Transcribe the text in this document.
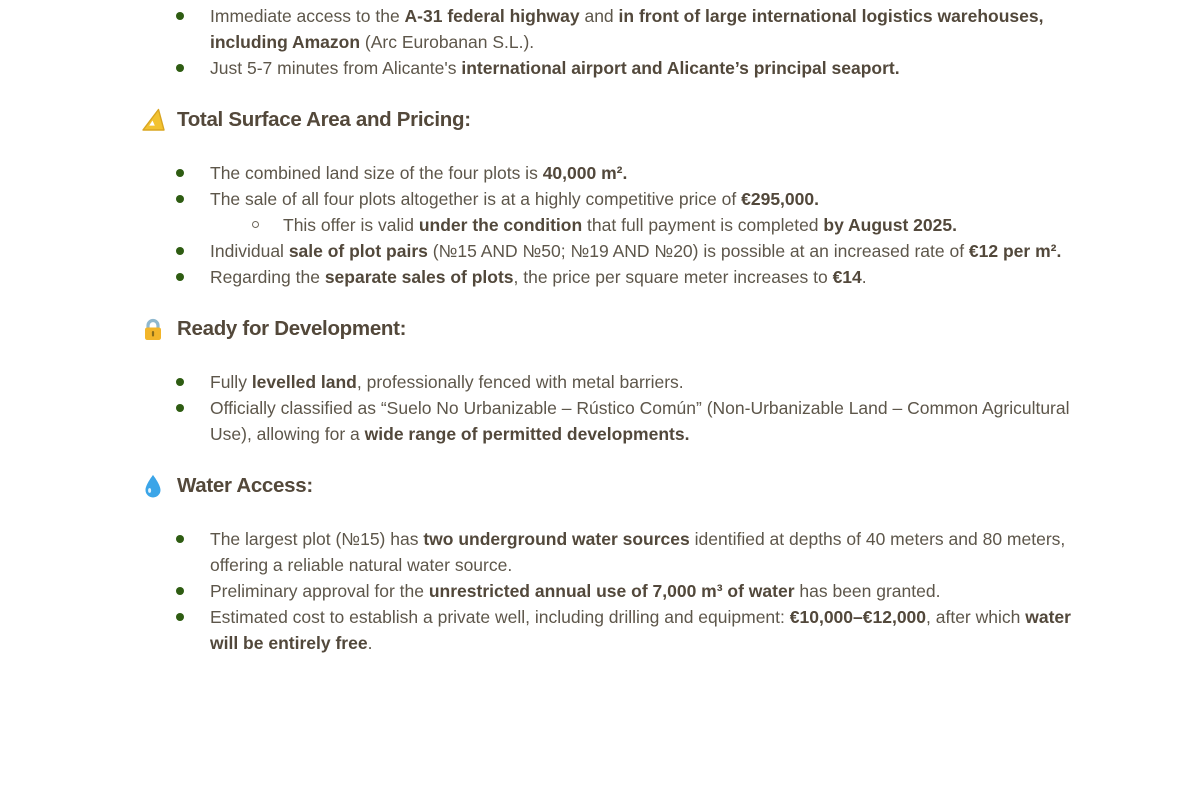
Immediate access to the A-31 federal highway and in front of large international logistics warehouses, including Amazon (Arc Eurobanan S.L.).
Just 5-7 minutes from Alicante's international airport and Alicante’s principal seaport.
Total Surface Area and Pricing:
The combined land size of the four plots is 40,000 m².
The sale of all four plots altogether is at a highly competitive price of €295,000.
This offer is valid under the condition that full payment is completed by August 2025.
Individual sale of plot pairs (№15 AND №50; №19 AND №20) is possible at an increased rate of €12 per m².
Regarding the separate sales of plots, the price per square meter increases to €14.
Ready for Development:
Fully levelled land, professionally fenced with metal barriers.
Officially classified as “Suelo No Urbanizable – Rústico Común” (Non-Urbanizable Land – Common Agricultural Use), allowing for a wide range of permitted developments.
Water Access:
The largest plot (№15) has two underground water sources identified at depths of 40 meters and 80 meters, offering a reliable natural water source.
Preliminary approval for the unrestricted annual use of 7,000 m³ of water has been granted.
Estimated cost to establish a private well, including drilling and equipment: €10,000–€12,000, after which water will be entirely free.
